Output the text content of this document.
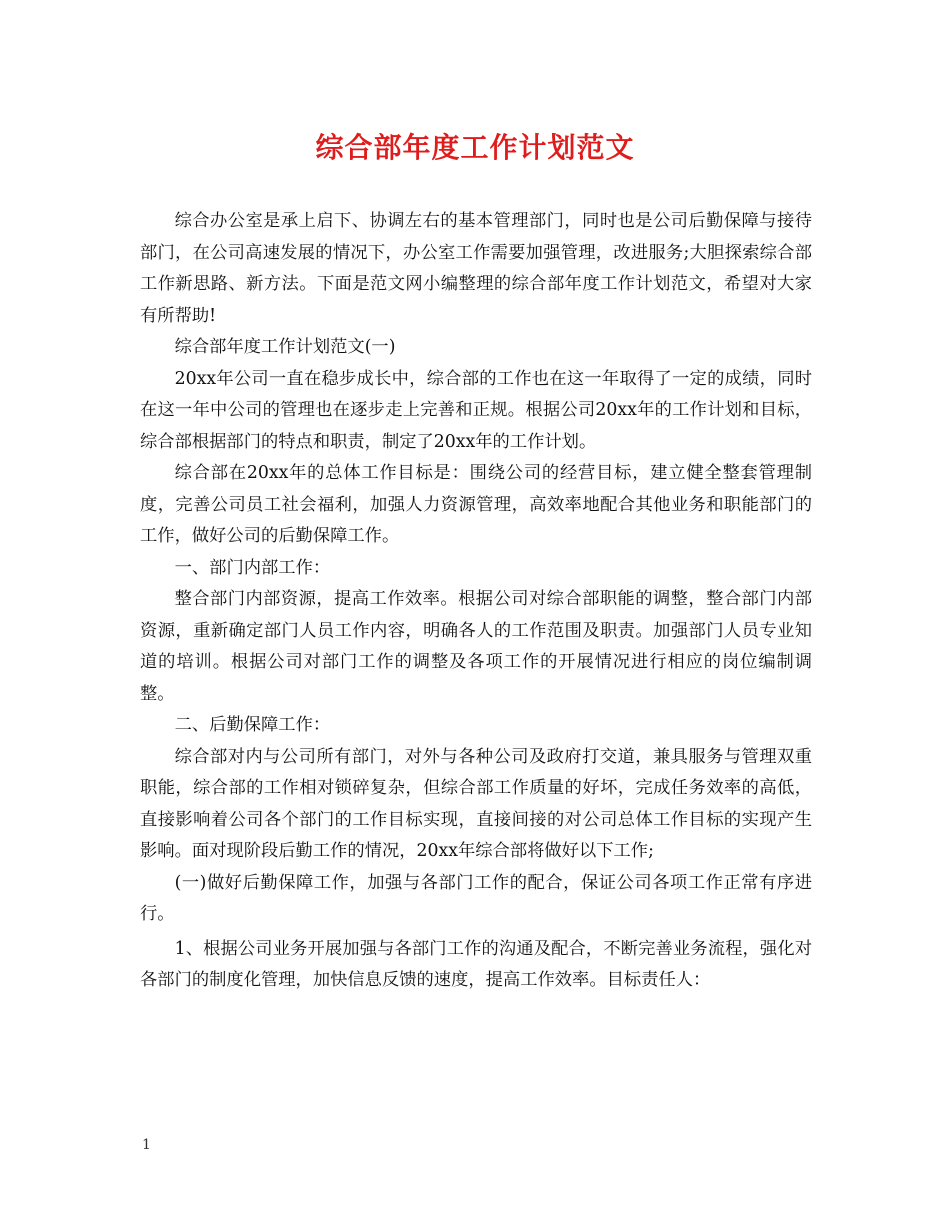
综合部年度工作计划范文

综合办公室是承上启下、协调左右的基本管理部门，同时也是公司后勤保障与接待部门，在公司高速发展的情况下，办公室工作需要加强管理，改进服务;大胆探索综合部工作新思路、新方法。下面是范文网小编整理的综合部年度工作计划范文，希望对大家有所帮助!

综合部年度工作计划范文(一)

20xx年公司一直在稳步成长中，综合部的工作也在这一年取得了一定的成绩，同时在这一年中公司的管理也在逐步走上完善和正规。根据公司20xx年的工作计划和目标，综合部根据部门的特点和职责，制定了20xx年的工作计划。

综合部在20xx年的总体工作目标是：围绕公司的经营目标，建立健全整套管理制度，完善公司员工社会福利，加强人力资源管理，高效率地配合其他业务和职能部门的工作，做好公司的后勤保障工作。

一、部门内部工作：

整合部门内部资源，提高工作效率。根据公司对综合部职能的调整，整合部门内部资源，重新确定部门人员工作内容，明确各人的工作范围及职责。加强部门人员专业知道的培训。根据公司对部门工作的调整及各项工作的开展情况进行相应的岗位编制调整。

二、后勤保障工作：

综合部对内与公司所有部门，对外与各种公司及政府打交道，兼具服务与管理双重职能，综合部的工作相对锁碎复杂，但综合部工作质量的好坏，完成任务效率的高低，直接影响着公司各个部门的工作目标实现，直接间接的对公司总体工作目标的实现产生影响。面对现阶段后勤工作的情况，20xx年综合部将做好以下工作;

(一)做好后勤保障工作，加强与各部门工作的配合，保证公司各项工作正常有序进行。

1、根据公司业务开展加强与各部门工作的沟通及配合，不断完善业务流程，强化对各部门的制度化管理，加快信息反馈的速度，提高工作效率。目标责任人：

1
